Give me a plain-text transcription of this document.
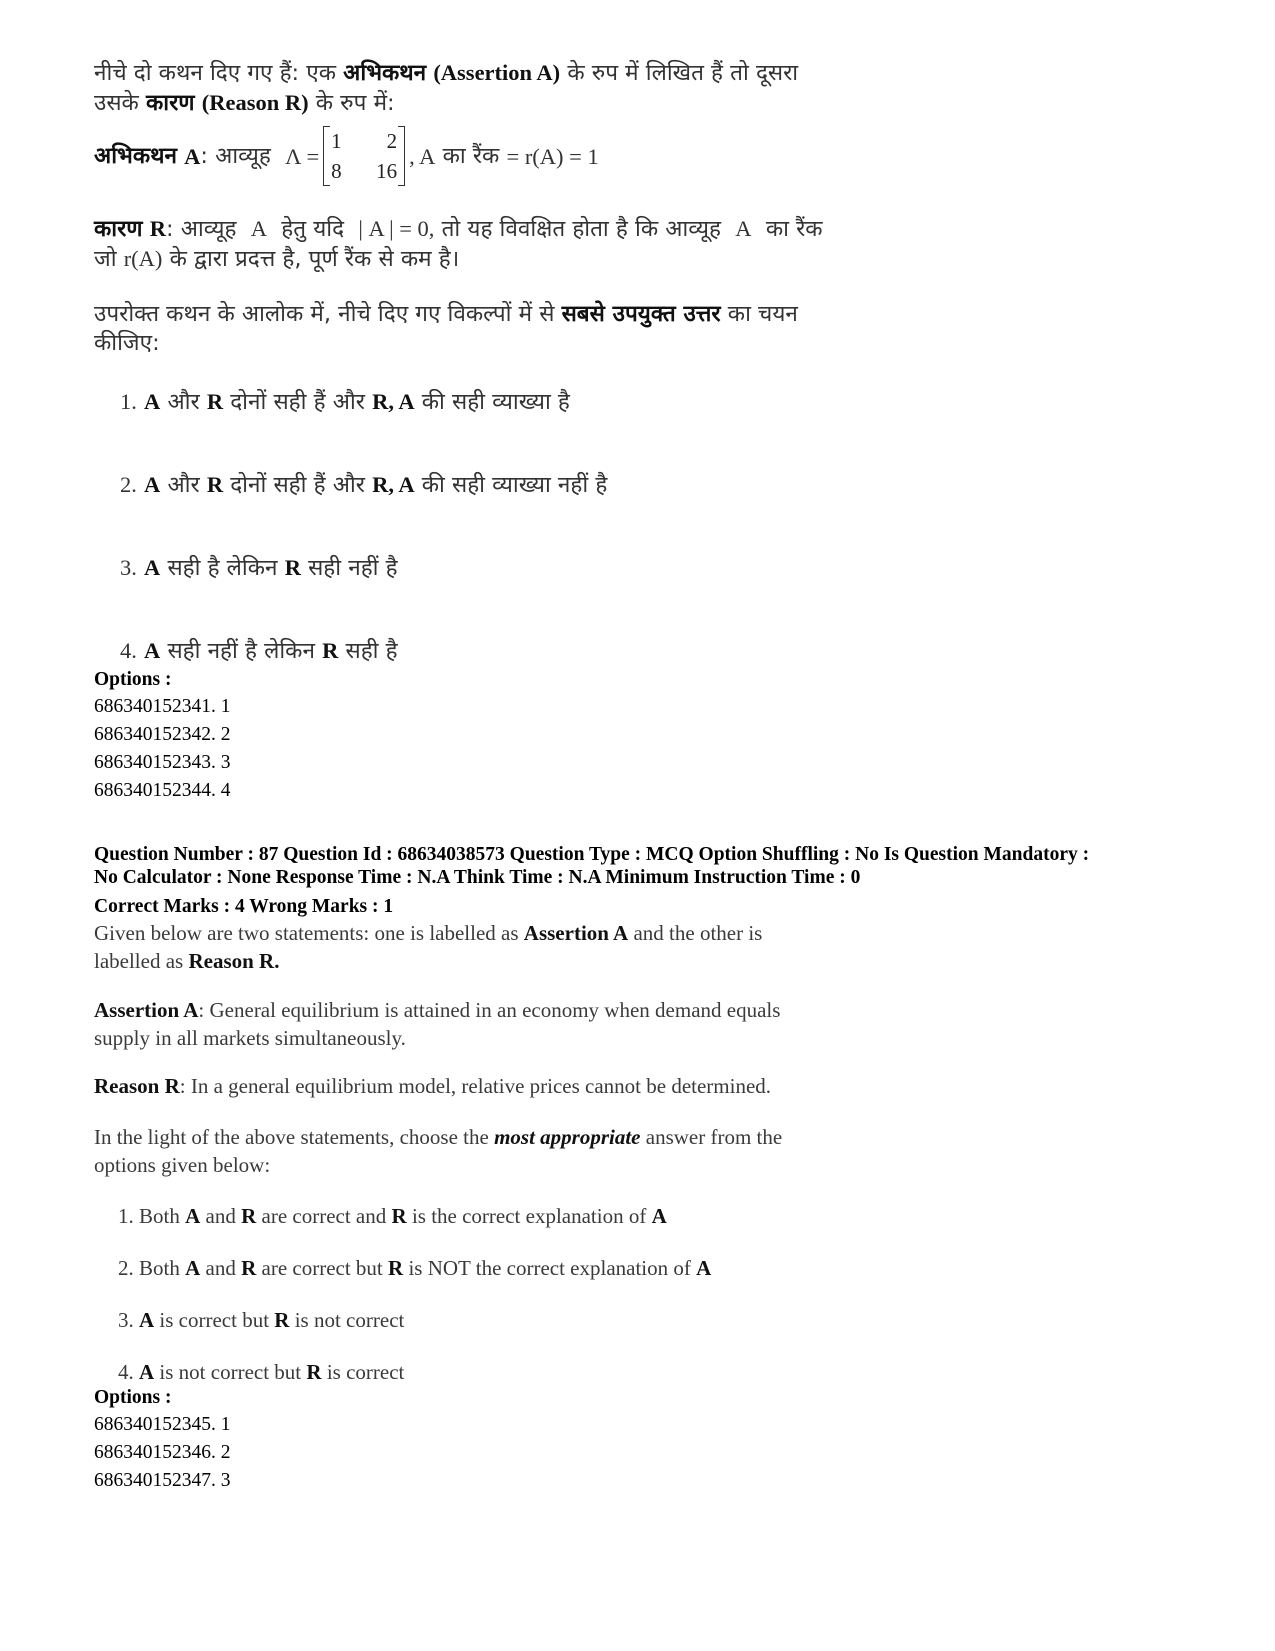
नीचे दो कथन दिए गए हैं: एक अभिकथन (Assertion A) के रुप में लिखित हैं तो दूसरा
उसके कारण (Reason R) के रुप में:
अभिकथन
A : आव्यूह
Λ =
1 2
8 16
, A
का रैंक
= r(A) = 1
कारण R: आव्यूह A हेतु यदि | A | = 0, तो यह विवक्षित होता है कि आव्यूह A का रैंक
जो r(A) के द्वारा प्रदत्त है, पूर्ण रैंक से कम है।
उपरोक्त कथन के आलोक में, नीचे दिए गए विकल्पों में से सबसे उपयुक्त उत्तर का चयन
कीजिए:
1. A और R दोनों सही हैं और R, A की सही व्याख्या है
2. A और R दोनों सही हैं और R, A की सही व्याख्या नहीं है
3. A सही है लेकिन R सही नहीं है
4. A सही नहीं है लेकिन R सही है
Options :
686340152341. 1
686340152342. 2
686340152343. 3
686340152344. 4
Question Number : 87 Question Id : 68634038573 Question Type : MCQ Option Shuffling : No Is Question Mandatory :
No Calculator : None Response Time : N.A Think Time : N.A Minimum Instruction Time : 0
Correct Marks : 4 Wrong Marks : 1
Given below are two statements: one is labelled as Assertion A and the other is
labelled as Reason R.
Assertion A: General equilibrium is attained in an economy when demand equals
supply in all markets simultaneously.
Reason R: In a general equilibrium model, relative prices cannot be determined.
In the light of the above statements, choose the most appropriate answer from the
options given below:
1. Both A and R are correct and R is the correct explanation of A
2. Both A and R are correct but R is NOT the correct explanation of A
3. A is correct but R is not correct
4. A is not correct but R is correct
Options :
686340152345. 1
686340152346. 2
686340152347. 3
